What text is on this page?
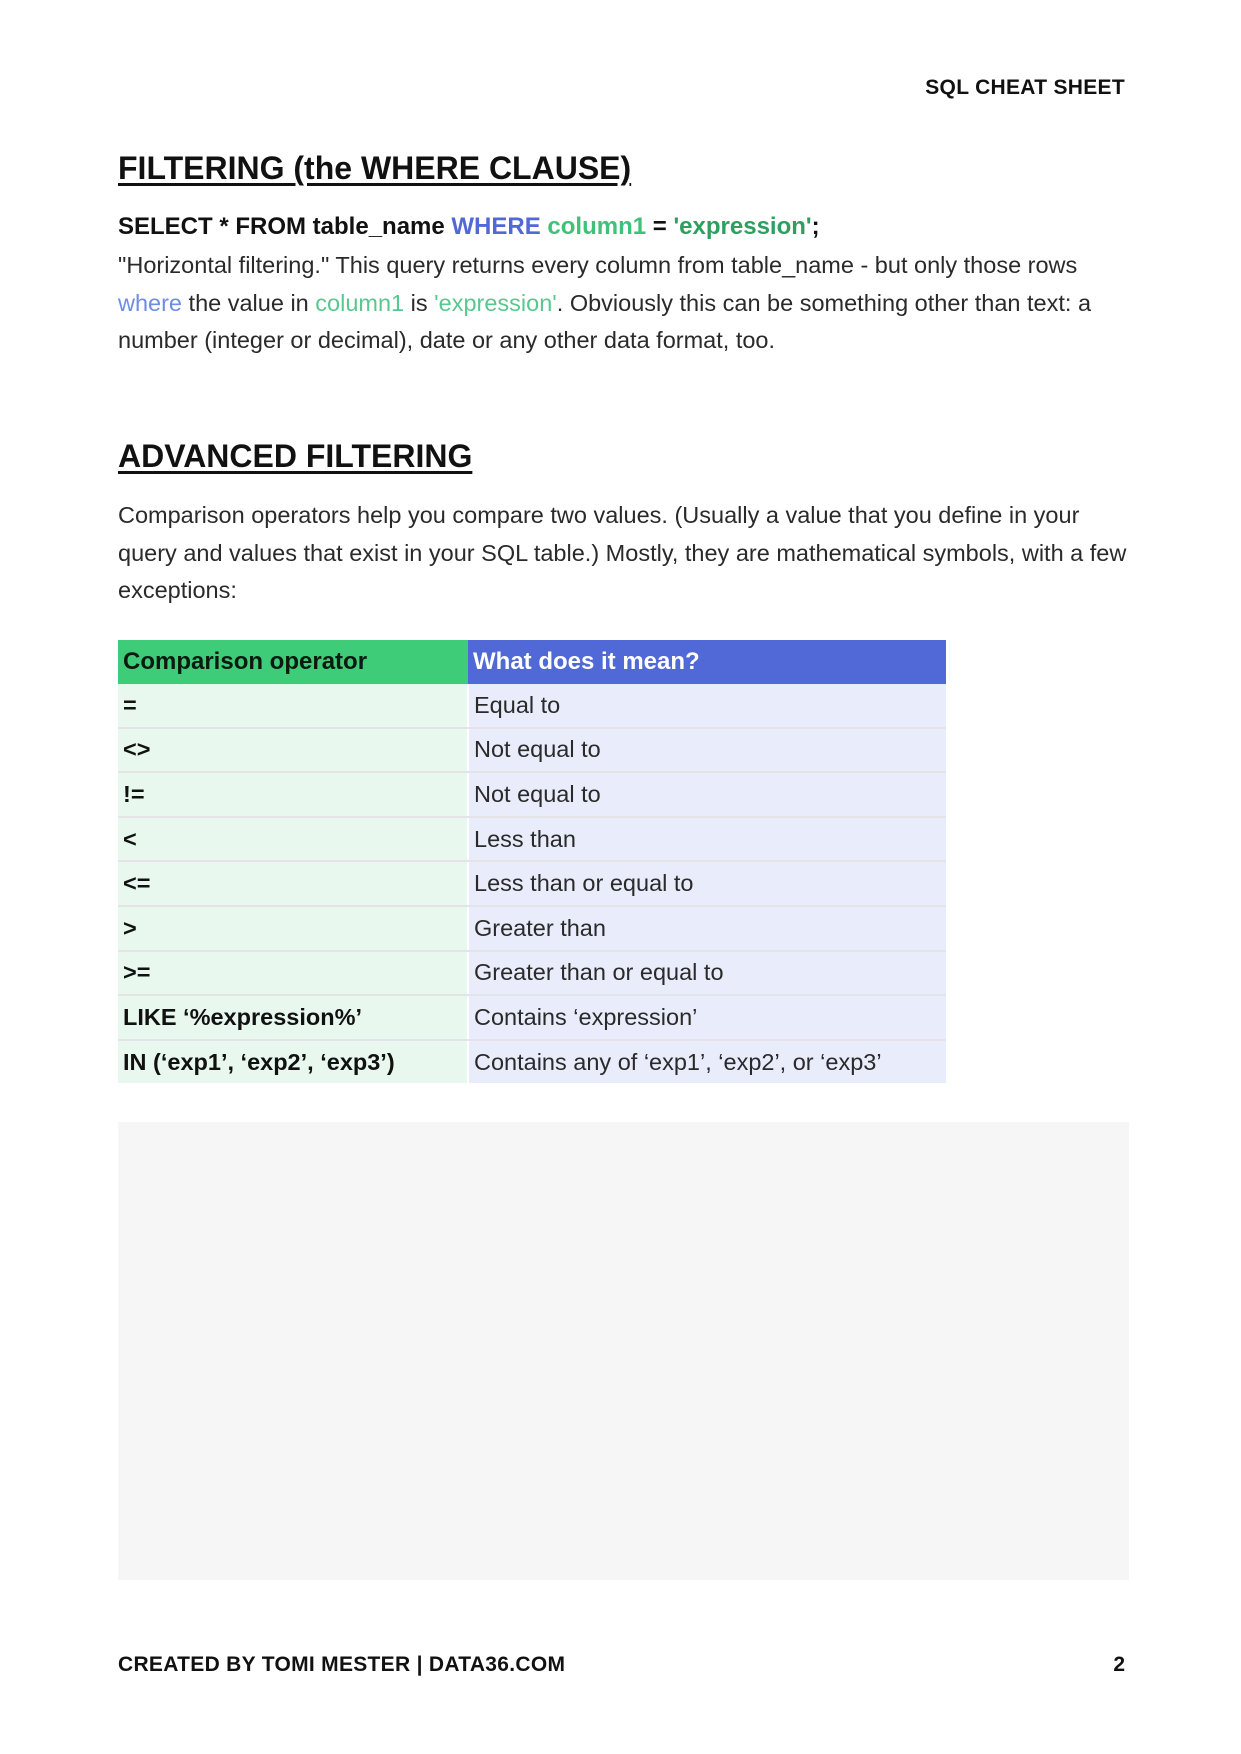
SQL CHEAT SHEET
FILTERING (the WHERE CLAUSE)

SELECT * FROM table_name WHERE column1 = 'expression';

"Horizontal filtering." This query returns every column from table_name - but only those rows where the value in column1 is 'expression'. Obviously this can be something other than text: a number (integer or decimal), date or any other data format, too.

ADVANCED FILTERING

Comparison operators help you compare two values. (Usually a value that you define in your query and values that exist in your SQL table.) Mostly, they are mathematical symbols, with a few exceptions:

Comparison operator	What does it mean?
=	Equal to
<>	Not equal to
!=	Not equal to
<	Less than
<=	Less than or equal to
>	Greater than
>=	Greater than or equal to
LIKE ‘%expression%’	Contains ‘expression’
IN (‘exp1’, ‘exp2’, ‘exp3’)	Contains any of ‘exp1’, ‘exp2’, or ‘exp3’
CREATED BY TOMI MESTER | DATA36.COM	2
